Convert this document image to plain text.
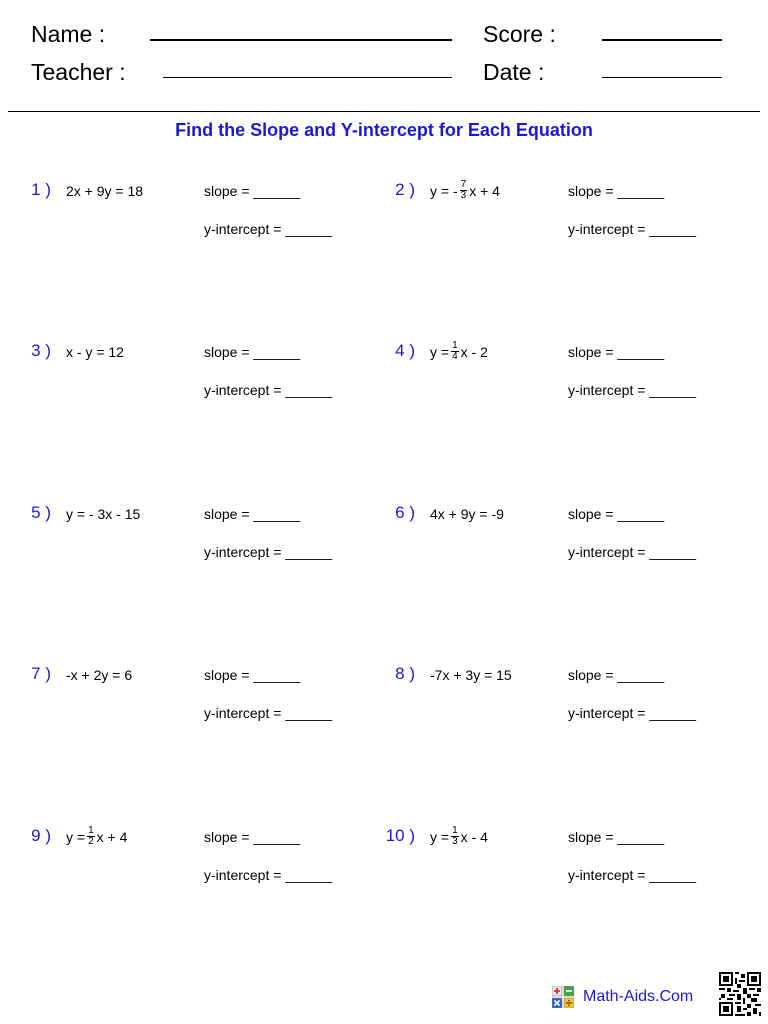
Name :	Score :
Teacher :	Date :
Find the Slope and Y-intercept for Each Equation
1 ) 2x + 9y = 18	slope = ______
y-intercept = ______
2 ) y = - $\frac{7}{3}$ x + 4	slope = ______
y-intercept = ______
3 ) x - y = 12	slope = ______
y-intercept = ______
4 ) $y = \frac{1}{4}$ x - 2	slope = ______
y-intercept = ______
5 ) y = - 3x - 15	slope = ______
y-intercept = ______
6 ) 4x + 9y = -9	slope = ______
y-intercept = ______
7 ) -x + 2y = 6	slope = ______
y-intercept = ______
8 ) -7x + 3y = 15	slope = ______
y-intercept = ______
9 ) $y = \frac{1}{2}$ x + 4	slope = ______
y-intercept = ______
10 ) $y = \frac{1}{3}$ x - 4	slope = ______
y-intercept = ______
Math-Aids.Com
